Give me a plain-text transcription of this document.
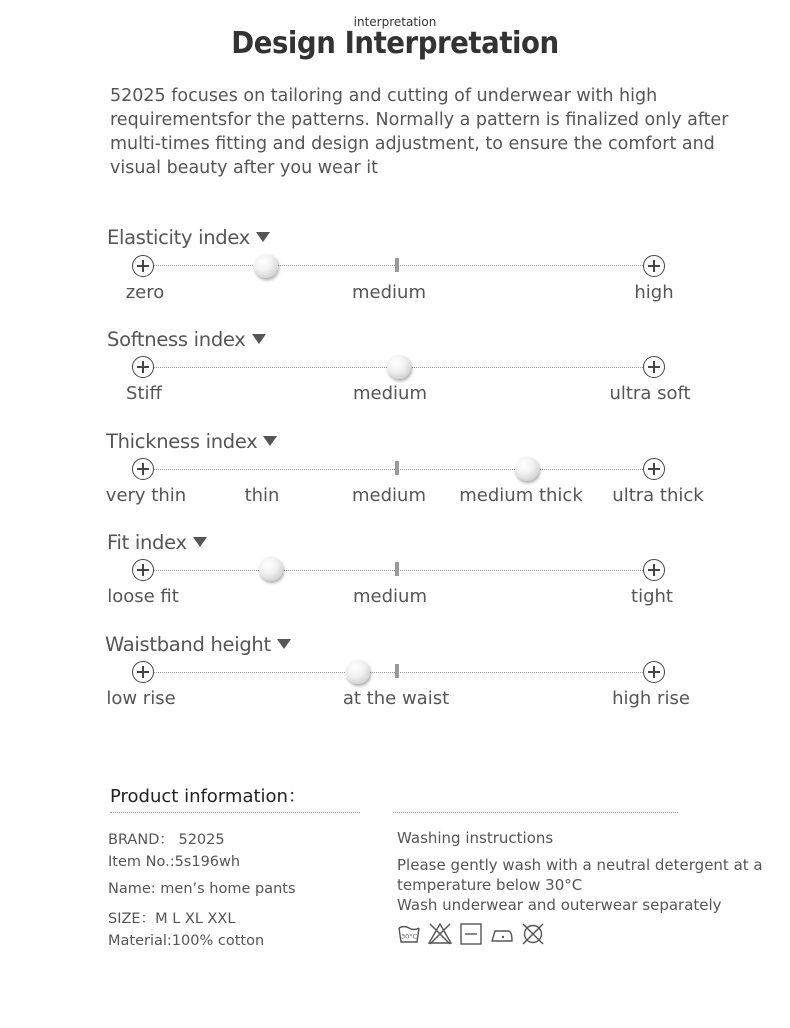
interpretation
Design Interpretation
52025 focuses on tailoring and cutting of underwear with high requirementsfor the patterns. Normally a pattern is finalized only after multi-times fitting and design adjustment, to ensure the comfort and visual beauty after you wear it
Elasticity index
zero	medium	high
Softness index
Stiff	medium	ultra soft
Thickness index
very thin	thin	medium medium thick ultra thick
Fit index
loose fit	medium	tight
Waistband height
low rise	at the waist	high rise
Product information：
BRAND： 52025
Item No.:5s196wh
Name: men’s home pants
SIZE：M L XL XXL
Material:100% cotton
Washing instructions
Please gently wash with a neutral detergent at a
temperature below 30°C
Wash underwear and outerwear separately
30°C
